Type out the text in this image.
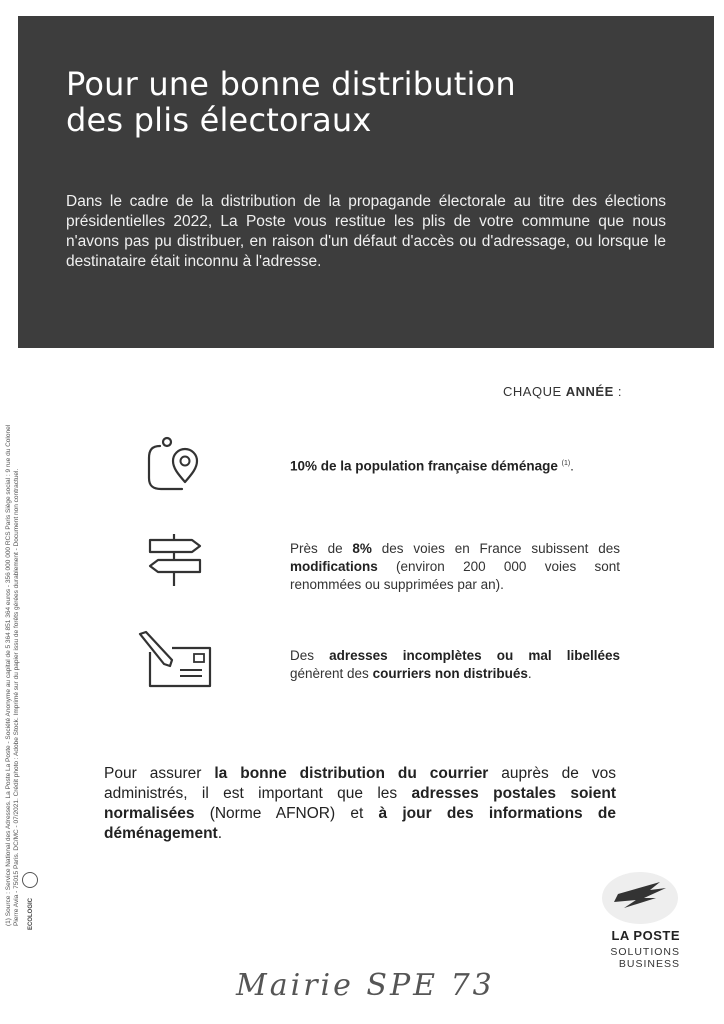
Pour une bonne distribution
des plis électoraux

Dans le cadre de la distribution de la propagande électorale au titre des élections présidentielles 2022, La Poste vous restitue les plis de votre commune que nous n'avons pas pu distribuer, en raison d'un défaut d'accès ou d'adressage, ou lorsque le destinataire était inconnu à l'adresse.

(1) Source : Service National des Adresses. La Poste La Poste - Société Anonyme au capital de 5 364 851 364 euros - 356 000 000 RCS Paris Siège social : 9 rue du Colonel Pierre Avia - 75015 Paris. DC/MC - 07/2021. Crédit photo : Adobe Stock. Imprimé sur du papier issu de forêts gérées durablement - Document non contractuel. ECOLOGIC

CHAQUE ANNÉE :

10% de la population française déménage $^{(1)}$.

Près de 8% des voies en France subissent des modifications (environ 200 000 voies sont renommées ou supprimées par an).

Des adresses incomplètes ou mal libellées génèrent des courriers non distribués.

Pour assurer la bonne distribution du courrier auprès de vos administrés, il est important que les adresses postales soient normalisées (Norme AFNOR) et à jour des informations de déménagement.

LA POSTE
SOLUTIONS
BUSINESS
Mairie SPE 73
